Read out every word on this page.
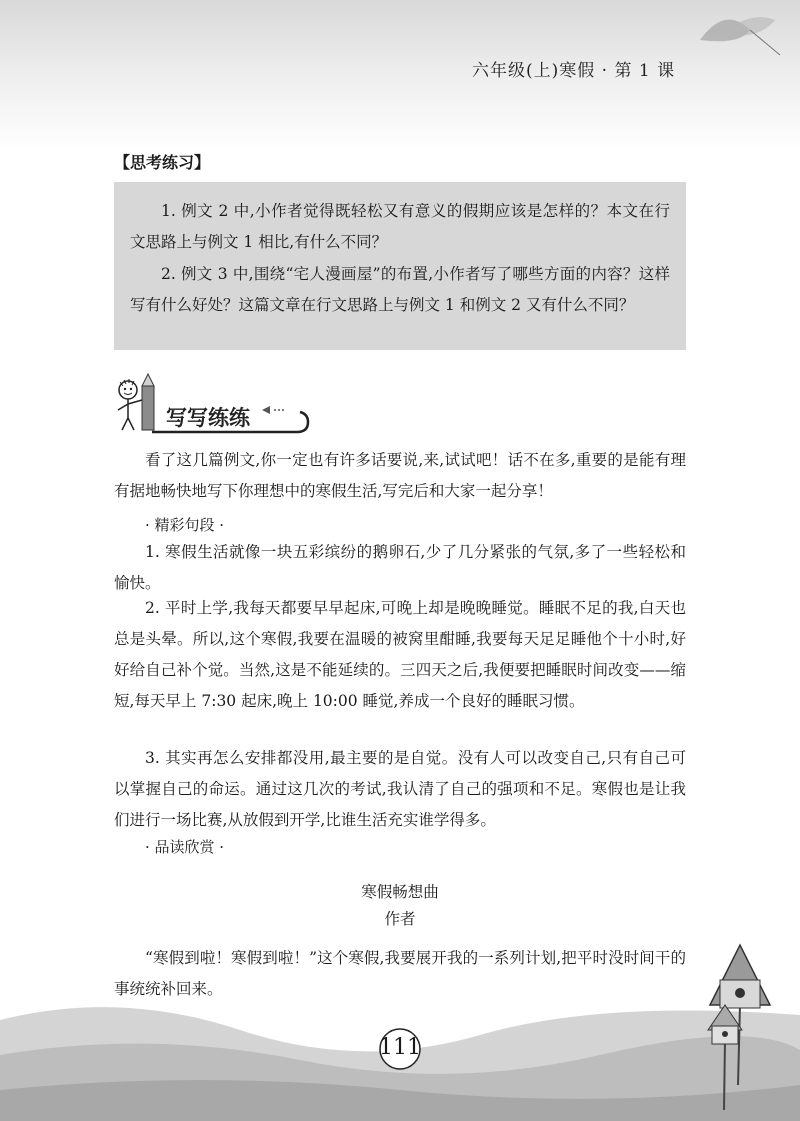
六年级(上)寒假 · 第 1 课
【思考练习】

1. 例文 2 中,小作者觉得既轻松又有意义的假期应该是怎样的？本文在行文思路上与例文 1 相比,有什么不同？

2. 例文 3 中,围绕“宅人漫画屋”的布置,小作者写了哪些方面的内容？这样写有什么好处？这篇文章在行文思路上与例文 1 和例文 2 又有什么不同？

写写练练

看了这几篇例文,你一定也有许多话要说,来,试试吧！话不在多,重要的是能有理有据地畅快地写下你理想中的寒假生活,写完后和大家一起分享！

· 精彩句段 ·

1. 寒假生活就像一块五彩缤纷的鹅卵石,少了几分紧张的气氛,多了一些轻松和愉快。

2. 平时上学,我每天都要早早起床,可晚上却是晚晚睡觉。睡眠不足的我,白天也总是头晕。所以,这个寒假,我要在温暖的被窝里酣睡,我要每天足足睡他个十小时,好好给自己补个觉。当然,这是不能延续的。三四天之后,我便要把睡眠时间改变——缩短,每天早上 7:30 起床,晚上 10:00 睡觉,养成一个良好的睡眠习惯。

3. 其实再怎么安排都没用,最主要的是自觉。没有人可以改变自己,只有自己可以掌握自己的命运。通过这几次的考试,我认清了自己的强项和不足。寒假也是让我们进行一场比赛,从放假到开学,比谁生活充实谁学得多。

· 品读欣赏 ·
寒假畅想曲
作者

“寒假到啦！寒假到啦！”这个寒假,我要展开我的一系列计划,把平时没时间干的事统统补回来。

111
